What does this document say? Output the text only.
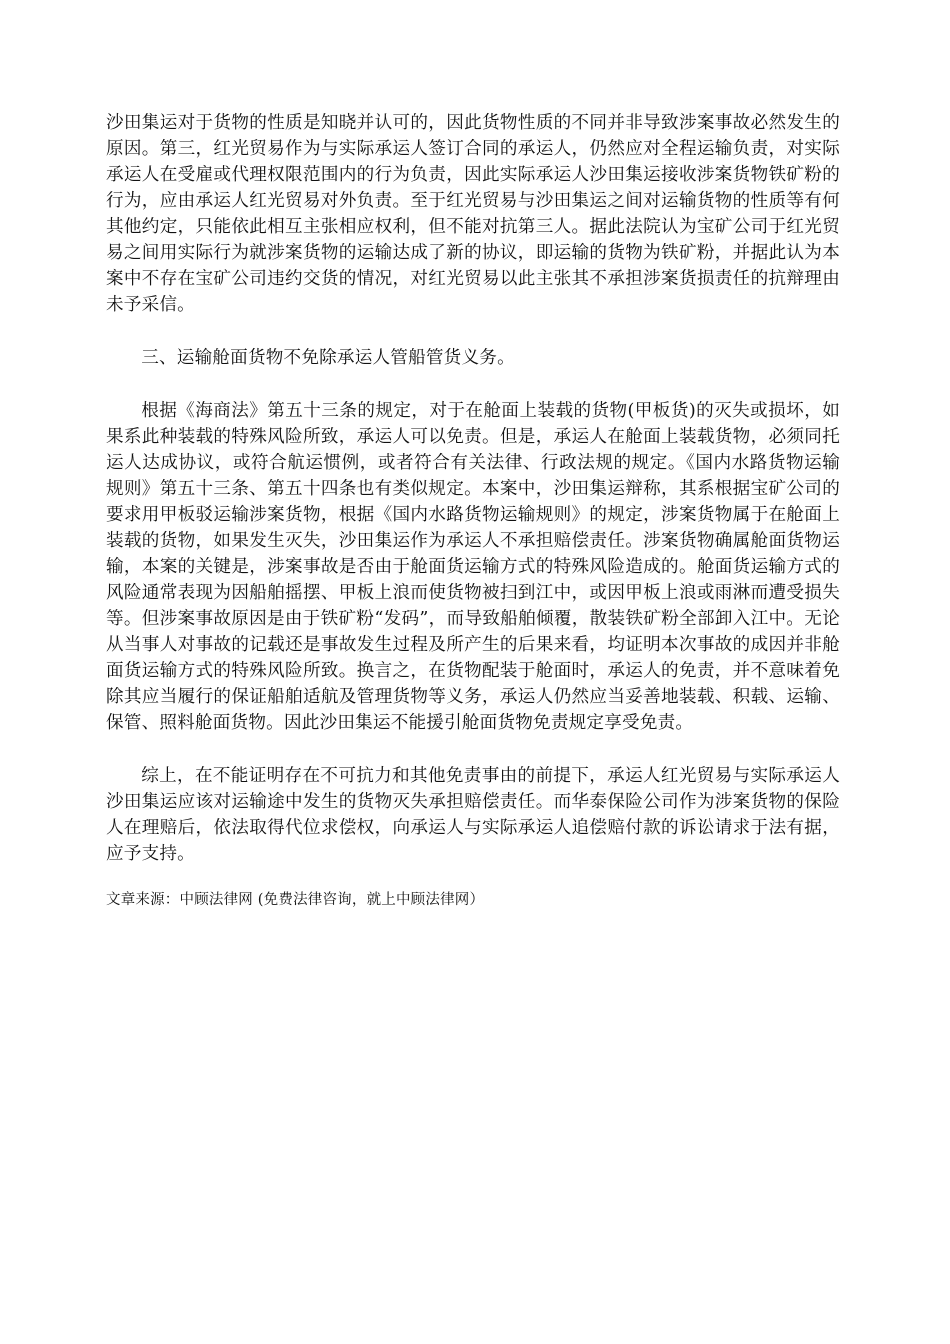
沙田集运对于货物的性质是知晓并认可的，因此货物性质的不同并非导致涉案事故必然发生的原因。第三，红光贸易作为与实际承运人签订合同的承运人，仍然应对全程运输负责，对实际承运人在受雇或代理权限范围内的行为负责，因此实际承运人沙田集运接收涉案货物铁矿粉的行为，应由承运人红光贸易对外负责。至于红光贸易与沙田集运之间对运输货物的性质等有何其他约定，只能依此相互主张相应权利，但不能对抗第三人。据此法院认为宝矿公司于红光贸易之间用实际行为就涉案货物的运输达成了新的协议，即运输的货物为铁矿粉，并据此认为本案中不存在宝矿公司违约交货的情况，对红光贸易以此主张其不承担涉案货损责任的抗辩理由未予采信。

三、运输舱面货物不免除承运人管船管货义务。

根据《海商法》第五十三条的规定，对于在舱面上装载的货物(甲板货)的灭失或损坏，如果系此种装载的特殊风险所致，承运人可以免责。但是，承运人在舱面上装载货物，必须同托运人达成协议，或符合航运惯例，或者符合有关法律、行政法规的规定。《国内水路货物运输规则》第五十三条、第五十四条也有类似规定。本案中，沙田集运辩称，其系根据宝矿公司的要求用甲板驳运输涉案货物，根据《国内水路货物运输规则》的规定，涉案货物属于在舱面上装载的货物，如果发生灭失，沙田集运作为承运人不承担赔偿责任。涉案货物确属舱面货物运输，本案的关键是，涉案事故是否由于舱面货运输方式的特殊风险造成的。舱面货运输方式的风险通常表现为因船舶摇摆、甲板上浪而使货物被扫到江中，或因甲板上浪或雨淋而遭受损失等。但涉案事故原因是由于铁矿粉“发码”，而导致船舶倾覆，散装铁矿粉全部卸入江中。无论从当事人对事故的记载还是事故发生过程及所产生的后果来看，均证明本次事故的成因并非舱面货运输方式的特殊风险所致。换言之，在货物配装于舱面时，承运人的免责，并不意味着免除其应当履行的保证船舶适航及管理货物等义务，承运人仍然应当妥善地装载、积载、运输、保管、照料舱面货物。因此沙田集运不能援引舱面货物免责规定享受免责。

综上，在不能证明存在不可抗力和其他免责事由的前提下，承运人红光贸易与实际承运人沙田集运应该对运输途中发生的货物灭失承担赔偿责任。而华泰保险公司作为涉案货物的保险人在理赔后，依法取得代位求偿权，向承运人与实际承运人追偿赔付款的诉讼请求于法有据，应予支持。

文章来源：中顾法律网 (免费法律咨询，就上中顾法律网）
